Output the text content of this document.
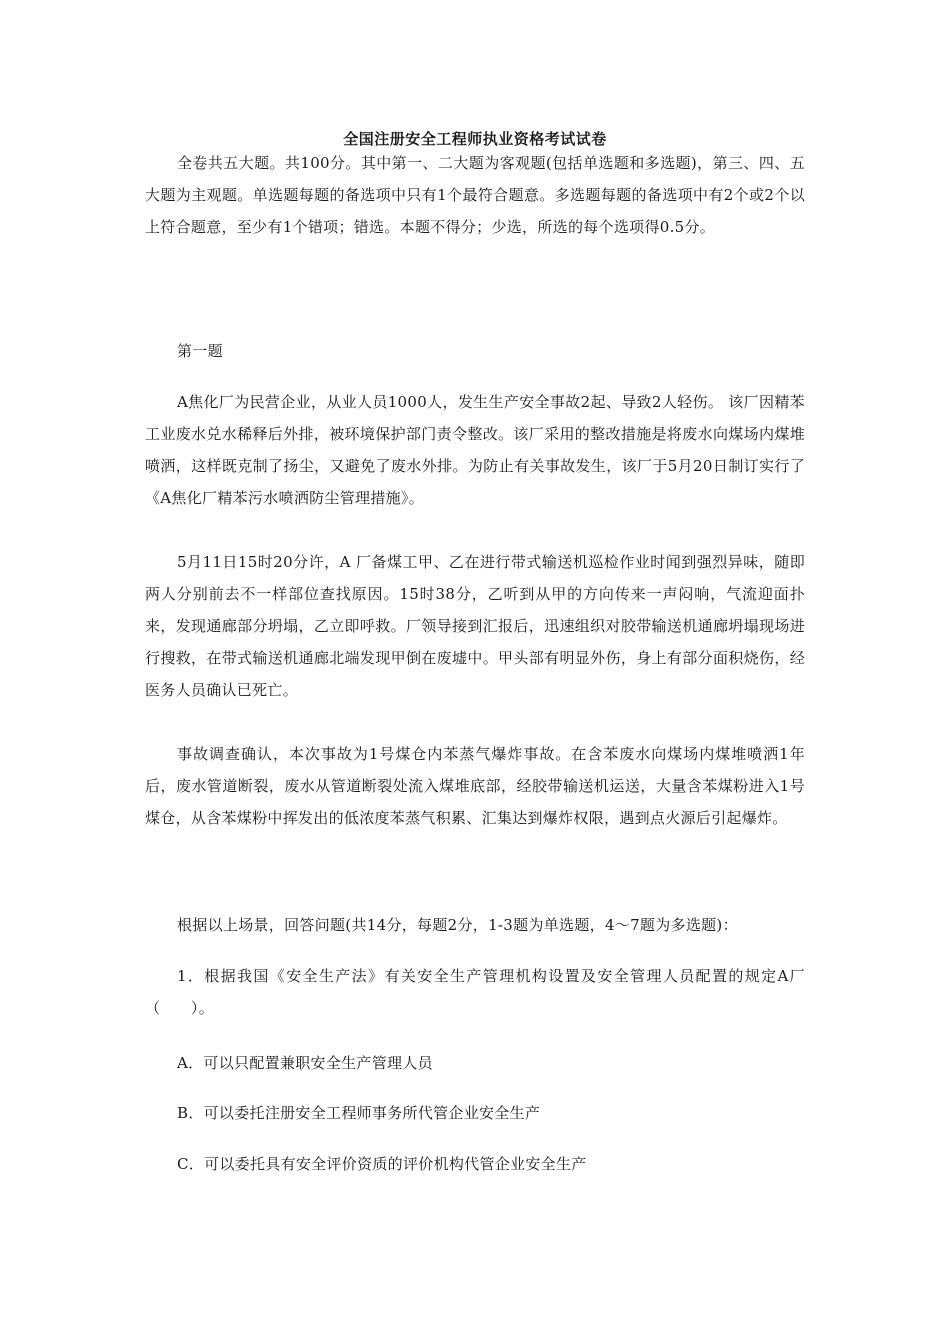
全国注册安全工程师执业资格考试试卷
全卷共五大题。共100分。其中第一、二大题为客观题(包括单选题和多选题)，第三、四、五大题为主观题。单选题每题的备选项中只有1个最符合题意。多选题每题的备选项中有2个或2个以上符合题意，至少有1个错项；错选。本题不得分；少选，所选的每个选项得0.5分。
第一题
A焦化厂为民营企业，从业人员1000人，发生生产安全事故2起、导致2人轻伤。 该厂因精苯工业废水兑水稀释后外排，被环境保护部门责令整改。该厂采用的整改措施是将废水向煤场内煤堆喷洒，这样既克制了扬尘，又避免了废水外排。为防止有关事故发生，该厂于5月20日制订实行了《A焦化厂精苯污水喷洒防尘管理措施》。
5月11日15时20分许，A 厂备煤工甲、乙在进行带式输送机巡检作业时闻到强烈异味，随即两人分别前去不一样部位查找原因。15时38分，乙听到从甲的方向传来一声闷响，气流迎面扑来，发现通廊部分坍塌，乙立即呼救。厂领导接到汇报后，迅速组织对胶带输送机通廊坍塌现场进行搜救，在带式输送机通廊北端发现甲倒在废墟中。甲头部有明显外伤，身上有部分面积烧伤，经医务人员确认已死亡。
事故调查确认，本次事故为1号煤仓内苯蒸气爆炸事故。在含苯废水向煤场内煤堆喷洒1年后，废水管道断裂，废水从管道断裂处流入煤堆底部，经胶带输送机运送，大量含苯煤粉进入1号煤仓，从含苯煤粉中挥发出的低浓度苯蒸气积累、汇集达到爆炸权限，遇到点火源后引起爆炸。
根据以上场景，回答问题(共14分，每题2分，1-3题为单选题，4～7题为多选题)：
1．根据我国《安全生产法》有关安全生产管理机构设置及安全管理人员配置的规定A厂（　　）。
A．可以只配置兼职安全生产管理人员
B．可以委托注册安全工程师事务所代管企业安全生产
C．可以委托具有安全评价资质的评价机构代管企业安全生产
